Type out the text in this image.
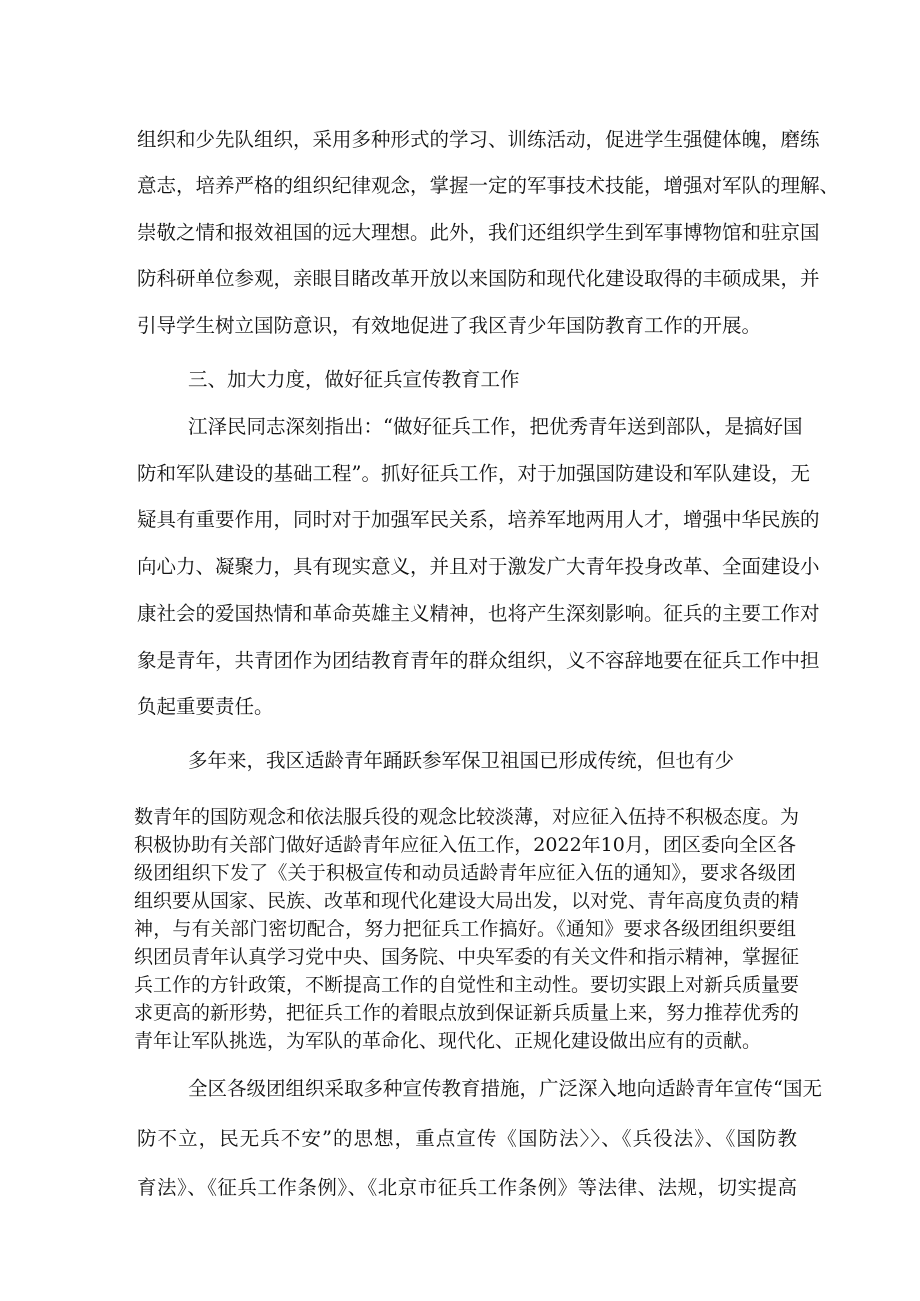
组织和少先队组织，采用多种形式的学习、训练活动，促进学生强健体魄，磨练
意志，培养严格的组织纪律观念，掌握一定的军事技术技能，增强对军队的理解、
崇敬之情和报效祖国的远大理想。此外，我们还组织学生到军事博物馆和驻京国
防科研单位参观，亲眼目睹改革开放以来国防和现代化建设取得的丰硕成果，并
引导学生树立国防意识，有效地促进了我区青少年国防教育工作的开展。
三、加大力度，做好征兵宣传教育工作
江泽民同志深刻指出：“做好征兵工作，把优秀青年送到部队，是搞好国
防和军队建设的基础工程”。抓好征兵工作，对于加强国防建设和军队建设，无
疑具有重要作用，同时对于加强军民关系，培养军地两用人才，增强中华民族的
向心力、凝聚力，具有现实意义，并且对于激发广大青年投身改革、全面建设小
康社会的爱国热情和革命英雄主义精神，也将产生深刻影响。征兵的主要工作对
象是青年，共青团作为团结教育青年的群众组织，义不容辞地要在征兵工作中担
负起重要责任。
多年来，我区适龄青年踊跃参军保卫祖国已形成传统，但也有少
数青年的国防观念和依法服兵役的观念比较淡薄，对应征入伍持不积极态度。为
积极协助有关部门做好适龄青年应征入伍工作，2022年10月，团区委向全区各
级团组织下发了《关于积极宣传和动员适龄青年应征入伍的通知》，要求各级团
组织要从国家、民族、改革和现代化建设大局出发，以对党、青年高度负责的精
神，与有关部门密切配合，努力把征兵工作搞好。《通知》要求各级团组织要组
织团员青年认真学习党中央、国务院、中央军委的有关文件和指示精神，掌握征
兵工作的方针政策，不断提高工作的自觉性和主动性。要切实跟上对新兵质量要
求更高的新形势，把征兵工作的着眼点放到保证新兵质量上来，努力推荐优秀的
青年让军队挑选，为军队的革命化、现代化、正规化建设做出应有的贡献。
全区各级团组织采取多种宣传教育措施，广泛深入地向适龄青年宣传“国无
防不立，民无兵不安”的思想，重点宣传《国防法〉〉、《兵役法》、《国防教
育法》、《征兵工作条例》、《北京市征兵工作条例》等法律、法规，切实提高
